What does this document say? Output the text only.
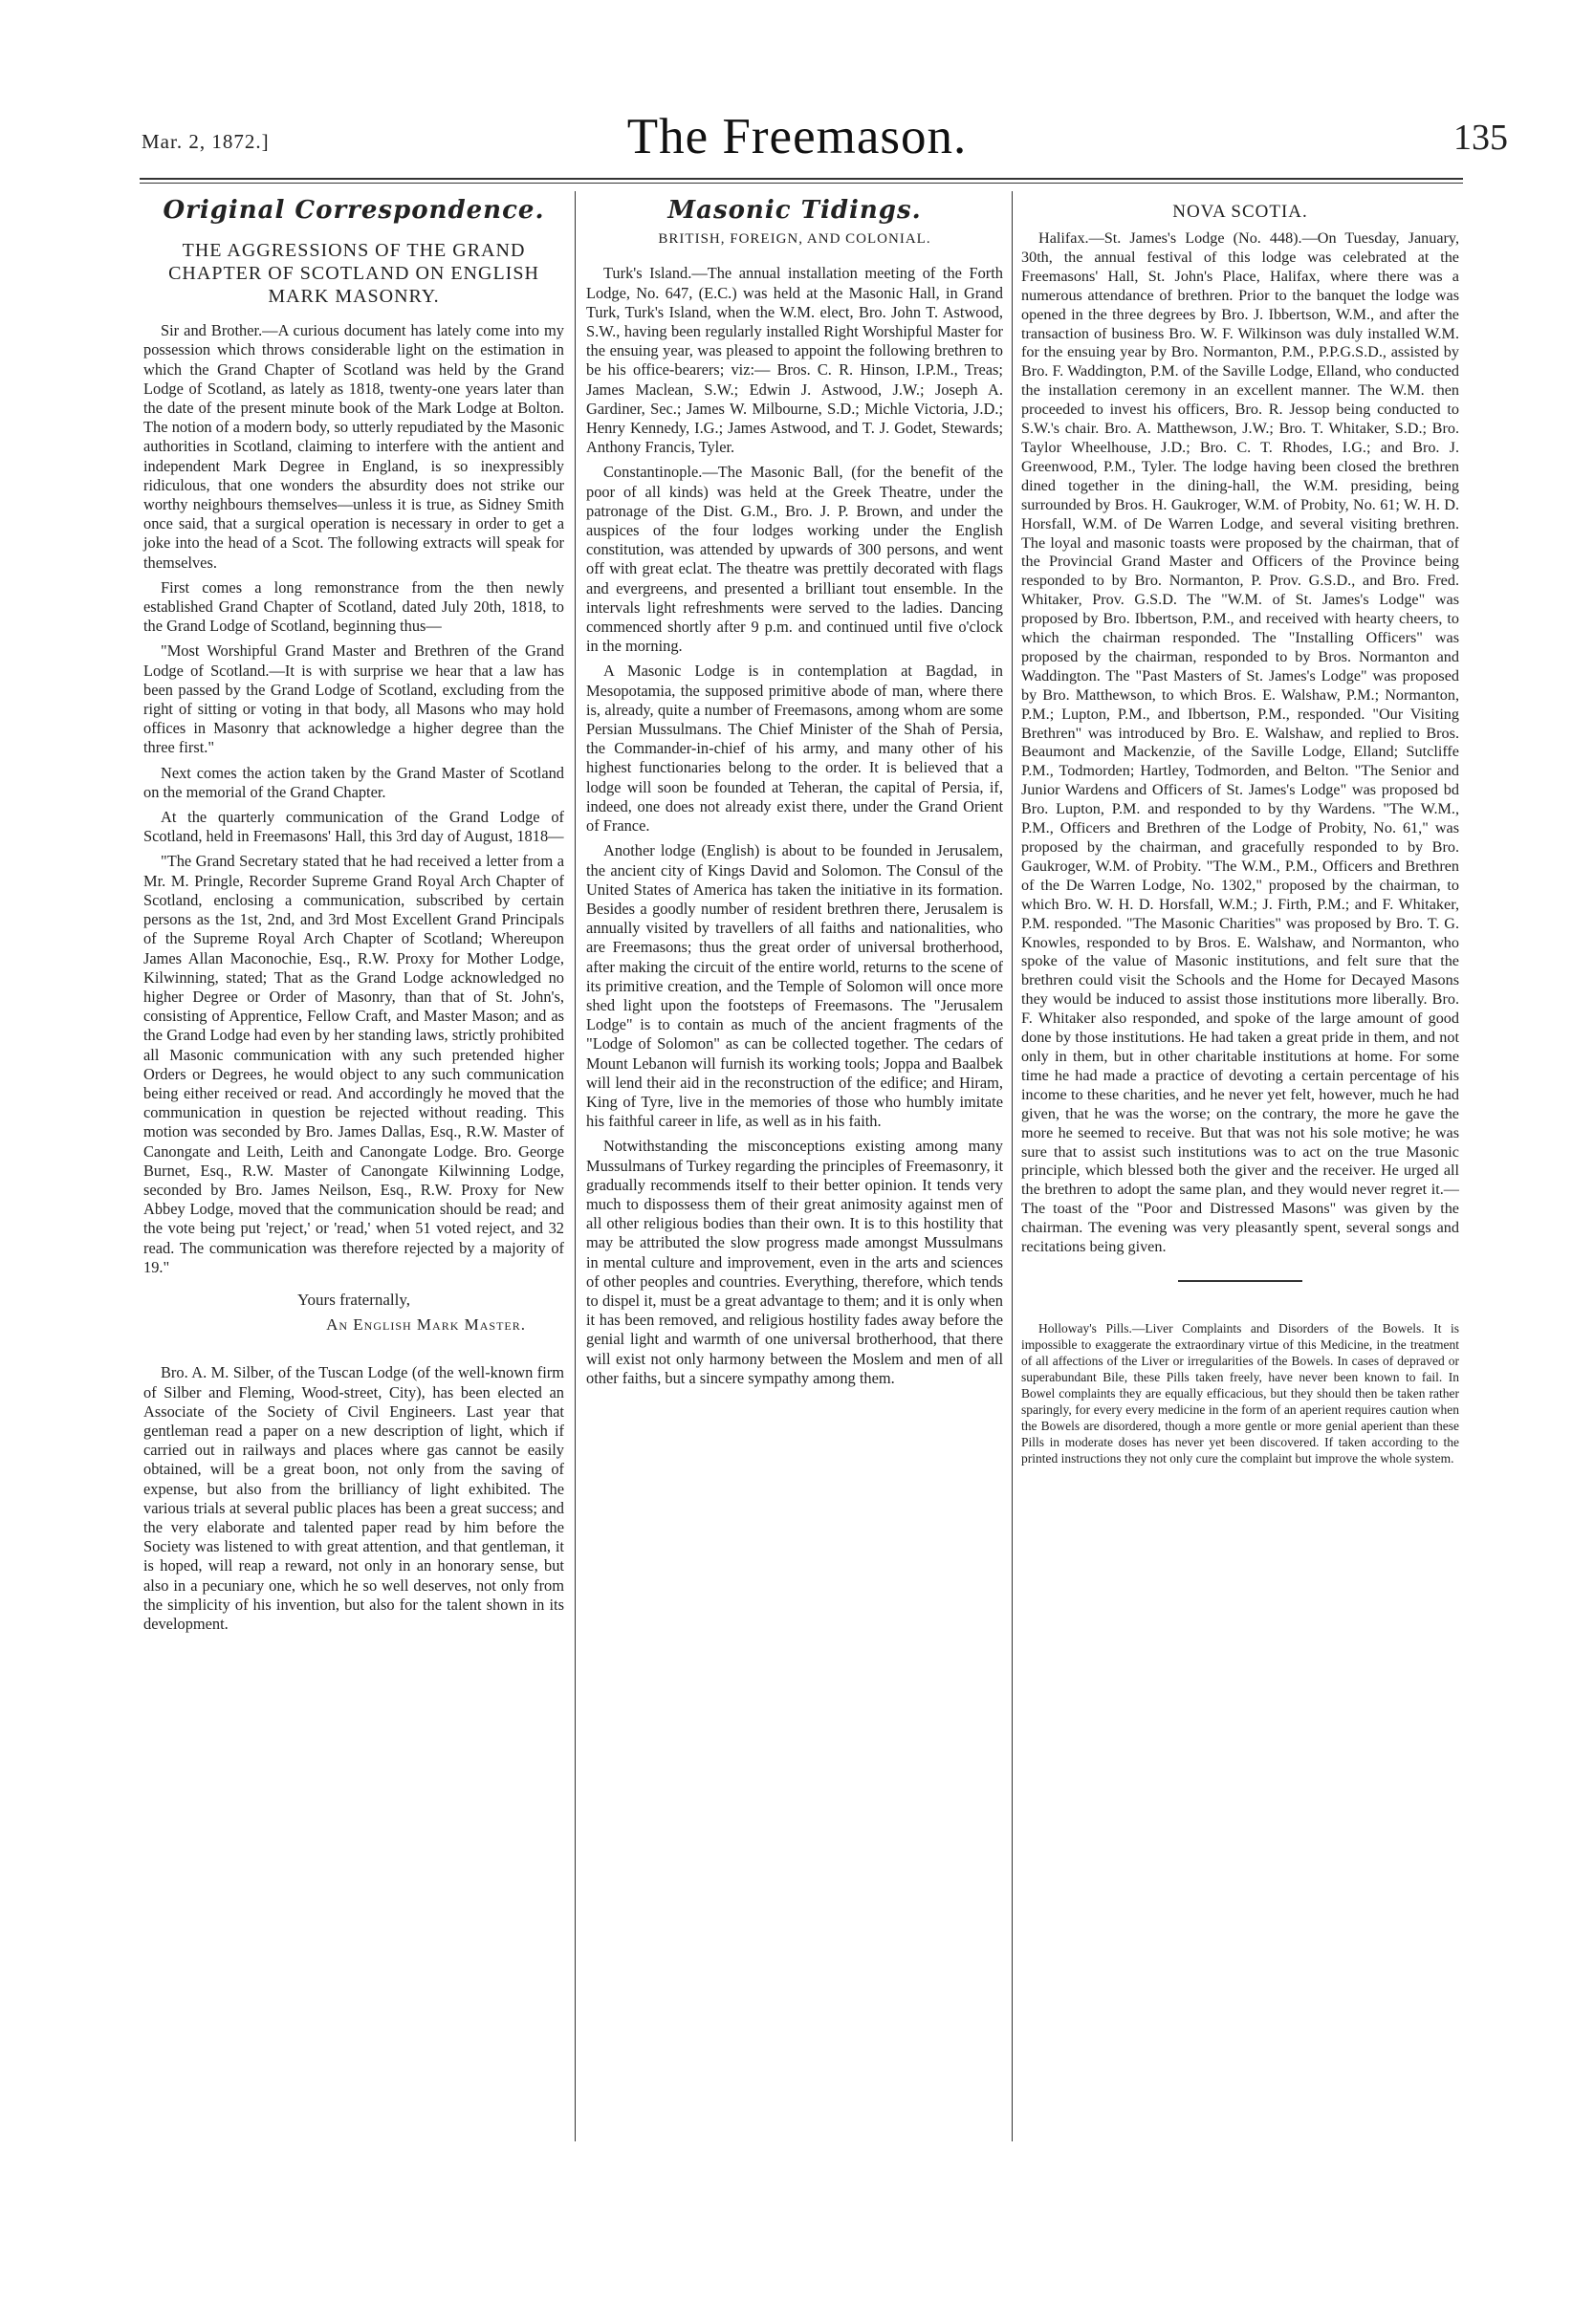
Mar. 2, 1872.]	The Freemason.	135
Original Correspondence.
THE AGGRESSIONS OF THE GRAND CHAPTER OF SCOTLAND ON ENGLISH MARK MASONRY.

Sir and Brother.—A curious document has lately come into my possession which throws considerable light on the estimation in which the Grand Chapter of Scotland was held by the Grand Lodge of Scotland, as lately as 1818, twenty-one years later than the date of the present minute book of the Mark Lodge at Bolton. The notion of a modern body, so utterly repudiated by the Masonic authorities in Scotland, claiming to interfere with the antient and independent Mark Degree in England, is so inexpressibly ridiculous, that one wonders the absurdity does not strike our worthy neighbours themselves—unless it is true, as Sidney Smith once said, that a surgical operation is necessary in order to get a joke into the head of a Scot. The following extracts will speak for themselves.

First comes a long remonstrance from the then newly established Grand Chapter of Scotland, dated July 20th, 1818, to the Grand Lodge of Scotland, beginning thus—

"Most Worshipful Grand Master and Brethren of the Grand Lodge of Scotland.—It is with surprise we hear that a law has been passed by the Grand Lodge of Scotland, excluding from the right of sitting or voting in that body, all Masons who may hold offices in Masonry that acknowledge a higher degree than the three first."

Next comes the action taken by the Grand Master of Scotland on the memorial of the Grand Chapter.

At the quarterly communication of the Grand Lodge of Scotland, held in Freemasons' Hall, this 3rd day of August, 1818—

"The Grand Secretary stated that he had received a letter from a Mr. M. Pringle, Recorder Supreme Grand Royal Arch Chapter of Scotland, enclosing a communication, subscribed by certain persons as the 1st, 2nd, and 3rd Most Excellent Grand Principals of the Supreme Royal Arch Chapter of Scotland; Whereupon James Allan Maconochie, Esq., R.W. Proxy for Mother Lodge, Kilwinning, stated; That as the Grand Lodge acknowledged no higher Degree or Order of Masonry, than that of St. John's, consisting of Apprentice, Fellow Craft, and Master Mason; and as the Grand Lodge had even by her standing laws, strictly prohibited all Masonic communication with any such pretended higher Orders or Degrees, he would object to any such communication being either received or read. And accordingly he moved that the communication in question be rejected without reading. This motion was seconded by Bro. James Dallas, Esq., R.W. Master of Canongate and Leith, Leith and Canongate Lodge. Bro. George Burnet, Esq., R.W. Master of Canongate Kilwinning Lodge, seconded by Bro. James Neilson, Esq., R.W. Proxy for New Abbey Lodge, moved that the communication should be read; and the vote being put 'reject,' or 'read,' when 51 voted reject, and 32 read. The communication was therefore rejected by a majority of 19."

Yours fraternally,
An English Mark Master.

Bro. A. M. Silber, of the Tuscan Lodge (of the well-known firm of Silber and Fleming, Wood-street, City), has been elected an Associate of the Society of Civil Engineers. Last year that gentleman read a paper on a new description of light, which if carried out in railways and places where gas cannot be easily obtained, will be a great boon, not only from the saving of expense, but also from the brilliancy of light exhibited. The various trials at several public places has been a great success; and the very elaborate and talented paper read by him before the Society was listened to with great attention, and that gentleman, it is hoped, will reap a reward, not only in an honorary sense, but also in a pecuniary one, which he so well deserves, not only from the simplicity of his invention, but also for the talent shown in its development.

Masonic Tidings.
BRITISH, FOREIGN, AND COLONIAL.

Turk's Island.—The annual installation meeting of the Forth Lodge, No. 647, (E.C.) was held at the Masonic Hall, in Grand Turk, Turk's Island, when the W.M. elect, Bro. John T. Astwood, S.W., having been regularly installed Right Worshipful Master for the ensuing year, was pleased to appoint the following brethren to be his office-bearers; viz:— Bros. C. R. Hinson, I.P.M., Treas; James Maclean, S.W.; Edwin J. Astwood, J.W.; Joseph A. Gardiner, Sec.; James W. Milbourne, S.D.; Michle Victoria, J.D.; Henry Kennedy, I.G.; James Astwood, and T. J. Godet, Stewards; Anthony Francis, Tyler.

Constantinople.—The Masonic Ball, (for the benefit of the poor of all kinds) was held at the Greek Theatre, under the patronage of the Dist. G.M., Bro. J. P. Brown, and under the auspices of the four lodges working under the English constitution, was attended by upwards of 300 persons, and went off with great eclat. The theatre was prettily decorated with flags and evergreens, and presented a brilliant tout ensemble. In the intervals light refreshments were served to the ladies. Dancing commenced shortly after 9 p.m. and continued until five o'clock in the morning.

A Masonic Lodge is in contemplation at Bagdad, in Mesopotamia, the supposed primitive abode of man, where there is, already, quite a number of Freemasons, among whom are some Persian Mussulmans. The Chief Minister of the Shah of Persia, the Commander-in-chief of his army, and many other of his highest functionaries belong to the order. It is believed that a lodge will soon be founded at Teheran, the capital of Persia, if, indeed, one does not already exist there, under the Grand Orient of France.

Another lodge (English) is about to be founded in Jerusalem, the ancient city of Kings David and Solomon. The Consul of the United States of America has taken the initiative in its formation. Besides a goodly number of resident brethren there, Jerusalem is annually visited by travellers of all faiths and nationalities, who are Freemasons; thus the great order of universal brotherhood, after making the circuit of the entire world, returns to the scene of its primitive creation, and the Temple of Solomon will once more shed light upon the footsteps of Freemasons. The "Jerusalem Lodge" is to contain as much of the ancient fragments of the "Lodge of Solomon" as can be collected together. The cedars of Mount Lebanon will furnish its working tools; Joppa and Baalbek will lend their aid in the reconstruction of the edifice; and Hiram, King of Tyre, live in the memories of those who humbly imitate his faithful career in life, as well as in his faith.

Notwithstanding the misconceptions existing among many Mussulmans of Turkey regarding the principles of Freemasonry, it gradually recommends itself to their better opinion. It tends very much to dispossess them of their great animosity against men of all other religious bodies than their own. It is to this hostility that may be attributed the slow progress made amongst Mussulmans in mental culture and improvement, even in the arts and sciences of other peoples and countries. Everything, therefore, which tends to dispel it, must be a great advantage to them; and it is only when it has been removed, and religious hostility fades away before the genial light and warmth of one universal brotherhood, that there will exist not only harmony between the Moslem and men of all other faiths, but a sincere sympathy among them.

NOVA SCOTIA.

Halifax.—St. James's Lodge (No. 448).—On Tuesday, January, 30th, the annual festival of this lodge was celebrated at the Freemasons' Hall, St. John's Place, Halifax, where there was a numerous attendance of brethren. Prior to the banquet the lodge was opened in the three degrees by Bro. J. Ibbertson, W.M., and after the transaction of business Bro. W. F. Wilkinson was duly installed W.M. for the ensuing year by Bro. Normanton, P.M., P.P.G.S.D., assisted by Bro. F. Waddington, P.M. of the Saville Lodge, Elland, who conducted the installation ceremony in an excellent manner. The W.M. then proceeded to invest his officers, Bro. R. Jessop being conducted to S.W.'s chair. Bro. A. Matthewson, J.W.; Bro. T. Whitaker, S.D.; Bro. Taylor Wheelhouse, J.D.; Bro. C. T. Rhodes, I.G.; and Bro. J. Greenwood, P.M., Tyler. The lodge having been closed the brethren dined together in the dining-hall, the W.M. presiding, being surrounded by Bros. H. Gaukroger, W.M. of Probity, No. 61; W. H. D. Horsfall, W.M. of De Warren Lodge, and several visiting brethren. The loyal and masonic toasts were proposed by the chairman, that of the Provincial Grand Master and Officers of the Province being responded to by Bro. Normanton, P. Prov. G.S.D., and Bro. Fred. Whitaker, Prov. G.S.D. The "W.M. of St. James's Lodge" was proposed by Bro. Ibbertson, P.M., and received with hearty cheers, to which the chairman responded. The "Installing Officers" was proposed by the chairman, responded to by Bros. Normanton and Waddington. The "Past Masters of St. James's Lodge" was proposed by Bro. Matthewson, to which Bros. E. Walshaw, P.M.; Normanton, P.M.; Lupton, P.M., and Ibbertson, P.M., responded. "Our Visiting Brethren" was introduced by Bro. E. Walshaw, and replied to Bros. Beaumont and Mackenzie, of the Saville Lodge, Elland; Sutcliffe P.M., Todmorden; Hartley, Todmorden, and Belton. "The Senior and Junior Wardens and Officers of St. James's Lodge" was proposed bd Bro. Lupton, P.M. and responded to by thy Wardens. "The W.M., P.M., Officers and Brethren of the Lodge of Probity, No. 61," was proposed by the chairman, and gracefully responded to by Bro. Gaukroger, W.M. of Probity. "The W.M., P.M., Officers and Brethren of the De Warren Lodge, No. 1302," proposed by the chairman, to which Bro. W. H. D. Horsfall, W.M.; J. Firth, P.M.; and F. Whitaker, P.M. responded. "The Masonic Charities" was proposed by Bro. T. G. Knowles, responded to by Bros. E. Walshaw, and Normanton, who spoke of the value of Masonic institutions, and felt sure that the brethren could visit the Schools and the Home for Decayed Masons they would be induced to assist those institutions more liberally. Bro. F. Whitaker also responded, and spoke of the large amount of good done by those institutions. He had taken a great pride in them, and not only in them, but in other charitable institutions at home. For some time he had made a practice of devoting a certain percentage of his income to these charities, and he never yet felt, however, much he had given, that he was the worse; on the contrary, the more he gave the more he seemed to receive. But that was not his sole motive; he was sure that to assist such institutions was to act on the true Masonic principle, which blessed both the giver and the receiver. He urged all the brethren to adopt the same plan, and they would never regret it.—The toast of the "Poor and Distressed Masons" was given by the chairman. The evening was very pleasantly spent, several songs and recitations being given.

Holloway's Pills.—Liver Complaints and Disorders of the Bowels. It is impossible to exaggerate the extraordinary virtue of this Medicine, in the treatment of all affections of the Liver or irregularities of the Bowels. In cases of depraved or superabundant Bile, these Pills taken freely, have never been known to fail. In Bowel complaints they are equally efficacious, but they should then be taken rather sparingly, for every every medicine in the form of an aperient requires caution when the Bowels are disordered, though a more gentle or more genial aperient than these Pills in moderate doses has never yet been discovered. If taken according to the printed instructions they not only cure the complaint but improve the whole system.
